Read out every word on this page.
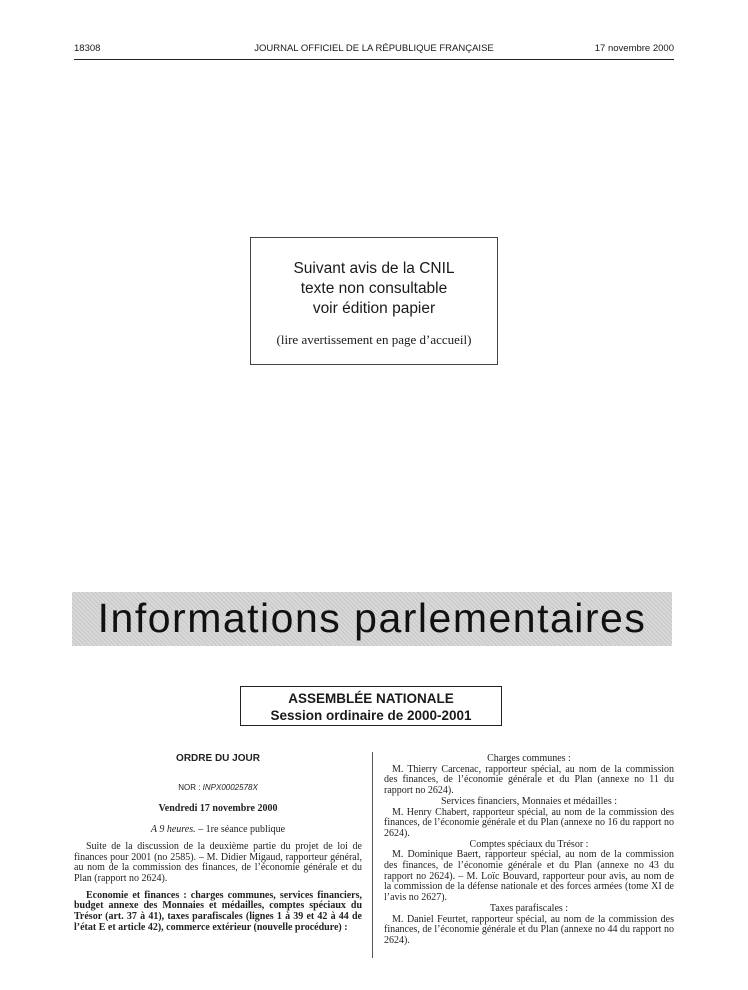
18308	JOURNAL OFFICIEL DE LA RÉPUBLIQUE FRANÇAISE	17 novembre 2000
Suivant avis de la CNIL
texte non consultable
voir édition papier
(lire avertissement en page d’accueil)
Informations parlementaires
ASSEMBLÉE NATIONALE
Session ordinaire de 2000-2001
ORDRE DU JOUR
NOR : INPX0002578X
Vendredi 17 novembre 2000
A 9 heures. – 1re séance publique
Suite de la discussion de la deuxième partie du projet de loi de finances pour 2001 (no 2585). – M. Didier Migaud, rapporteur général, au nom de la commission des finances, de l’économie générale et du Plan (rapport no 2624).
Economie et finances : charges communes, services financiers, budget annexe des Monnaies et médailles, comptes spéciaux du Trésor (art. 37 à 41), taxes parafiscales (lignes 1 à 39 et 42 à 44 de l’état E et article 42), commerce extérieur (nouvelle procédure) :
Charges communes :
M. Thierry Carcenac, rapporteur spécial, au nom de la commission des finances, de l’économie générale et du Plan (annexe no 11 du rapport no 2624).
Services financiers, Monnaies et médailles :
M. Henry Chabert, rapporteur spécial, au nom de la commission des finances, de l’économie générale et du Plan (annexe no 16 du rapport no 2624).
Comptes spéciaux du Trésor :
M. Dominique Baert, rapporteur spécial, au nom de la commission des finances, de l’économie générale et du Plan (annexe no 43 du rapport no 2624). – M. Loïc Bouvard, rapporteur pour avis, au nom de la commission de la défense nationale et des forces armées (tome XI de l’avis no 2627).
Taxes parafiscales :
M. Daniel Feurtet, rapporteur spécial, au nom de la commission des finances, de l’économie générale et du Plan (annexe no 44 du rapport no 2624).
